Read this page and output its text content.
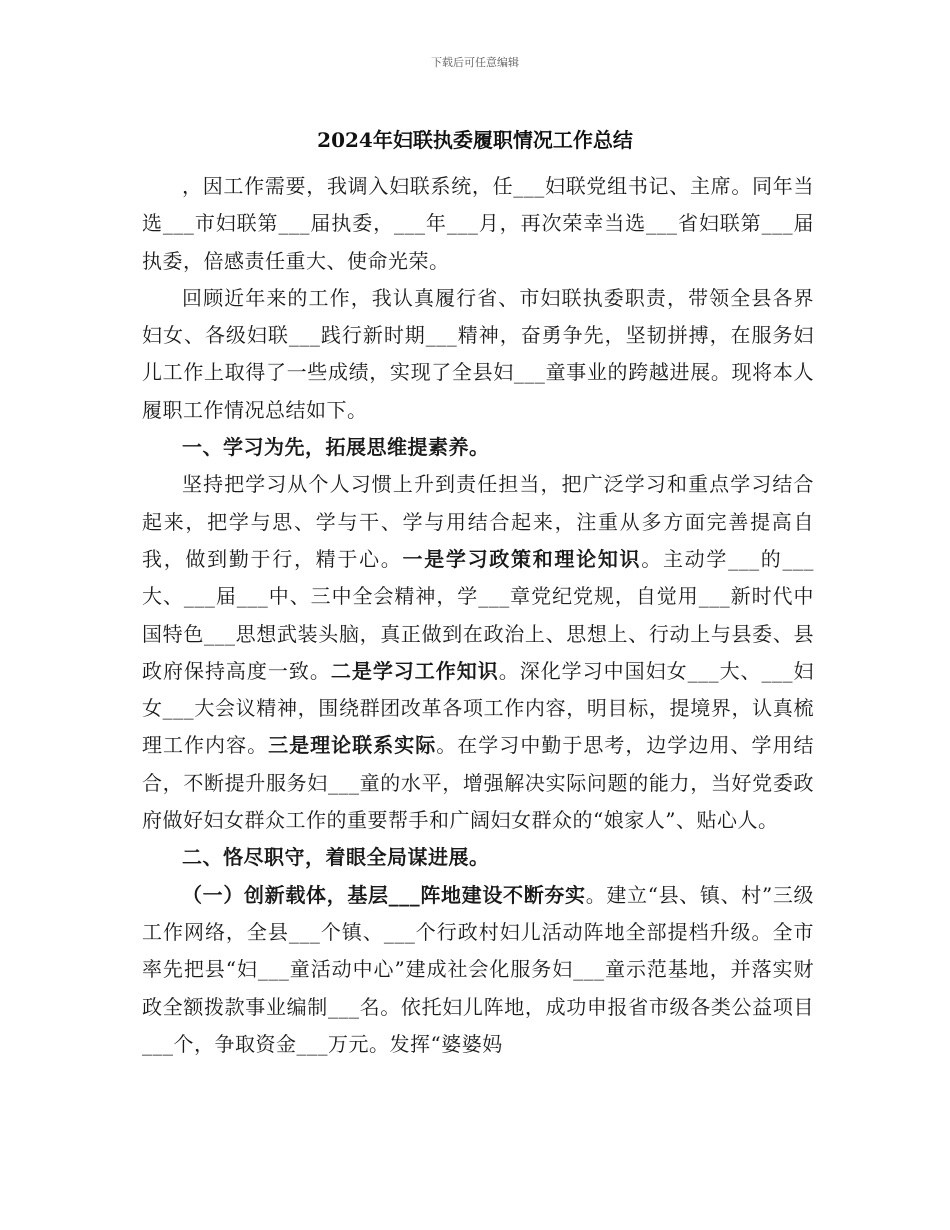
下载后可任意编辑
2024年妇联执委履职情况工作总结

，因工作需要，我调入妇联系统，任___妇联党组书记、主席。同年当选___市妇联第___届执委，___年___月，再次荣幸当选___省妇联第___届执委，倍感责任重大、使命光荣。

回顾近年来的工作，我认真履行省、市妇联执委职责，带领全县各界妇女、各级妇联___践行新时期___精神，奋勇争先，坚韧拼搏，在服务妇儿工作上取得了一些成绩，实现了全县妇___童事业的跨越进展。现将本人履职工作情况总结如下。

一、学习为先，拓展思维提素养。

坚持把学习从个人习惯上升到责任担当，把广泛学习和重点学习结合起来，把学与思、学与干、学与用结合起来，注重从多方面完善提高自我，做到勤于行，精于心。一是学习政策和理论知识。主动学___的___大、___届___中、三中全会精神，学___章党纪党规，自觉用___新时代中国特色___思想武装头脑，真正做到在政治上、思想上、行动上与县委、县政府保持高度一致。二是学习工作知识。深化学习中国妇女___大、___妇女___大会议精神，围绕群团改革各项工作内容，明目标，提境界，认真梳理工作内容。三是理论联系实际。在学习中勤于思考，边学边用、学用结合，不断提升服务妇___童的水平，增强解决实际问题的能力，当好党委政府做好妇女群众工作的重要帮手和广阔妇女群众的“娘家人”、贴心人。

二、恪尽职守，着眼全局谋进展。

（一）创新载体，基层___阵地建设不断夯实。建立“县、镇、村”三级工作网络，全县___个镇、___个行政村妇儿活动阵地全部提档升级。全市率先把县“妇___童活动中心”建成社会化服务妇___童示范基地，并落实财政全额拨款事业编制___名。依托妇儿阵地，成功申报省市级各类公益项目___个，争取资金___万元。发挥“婆婆妈
